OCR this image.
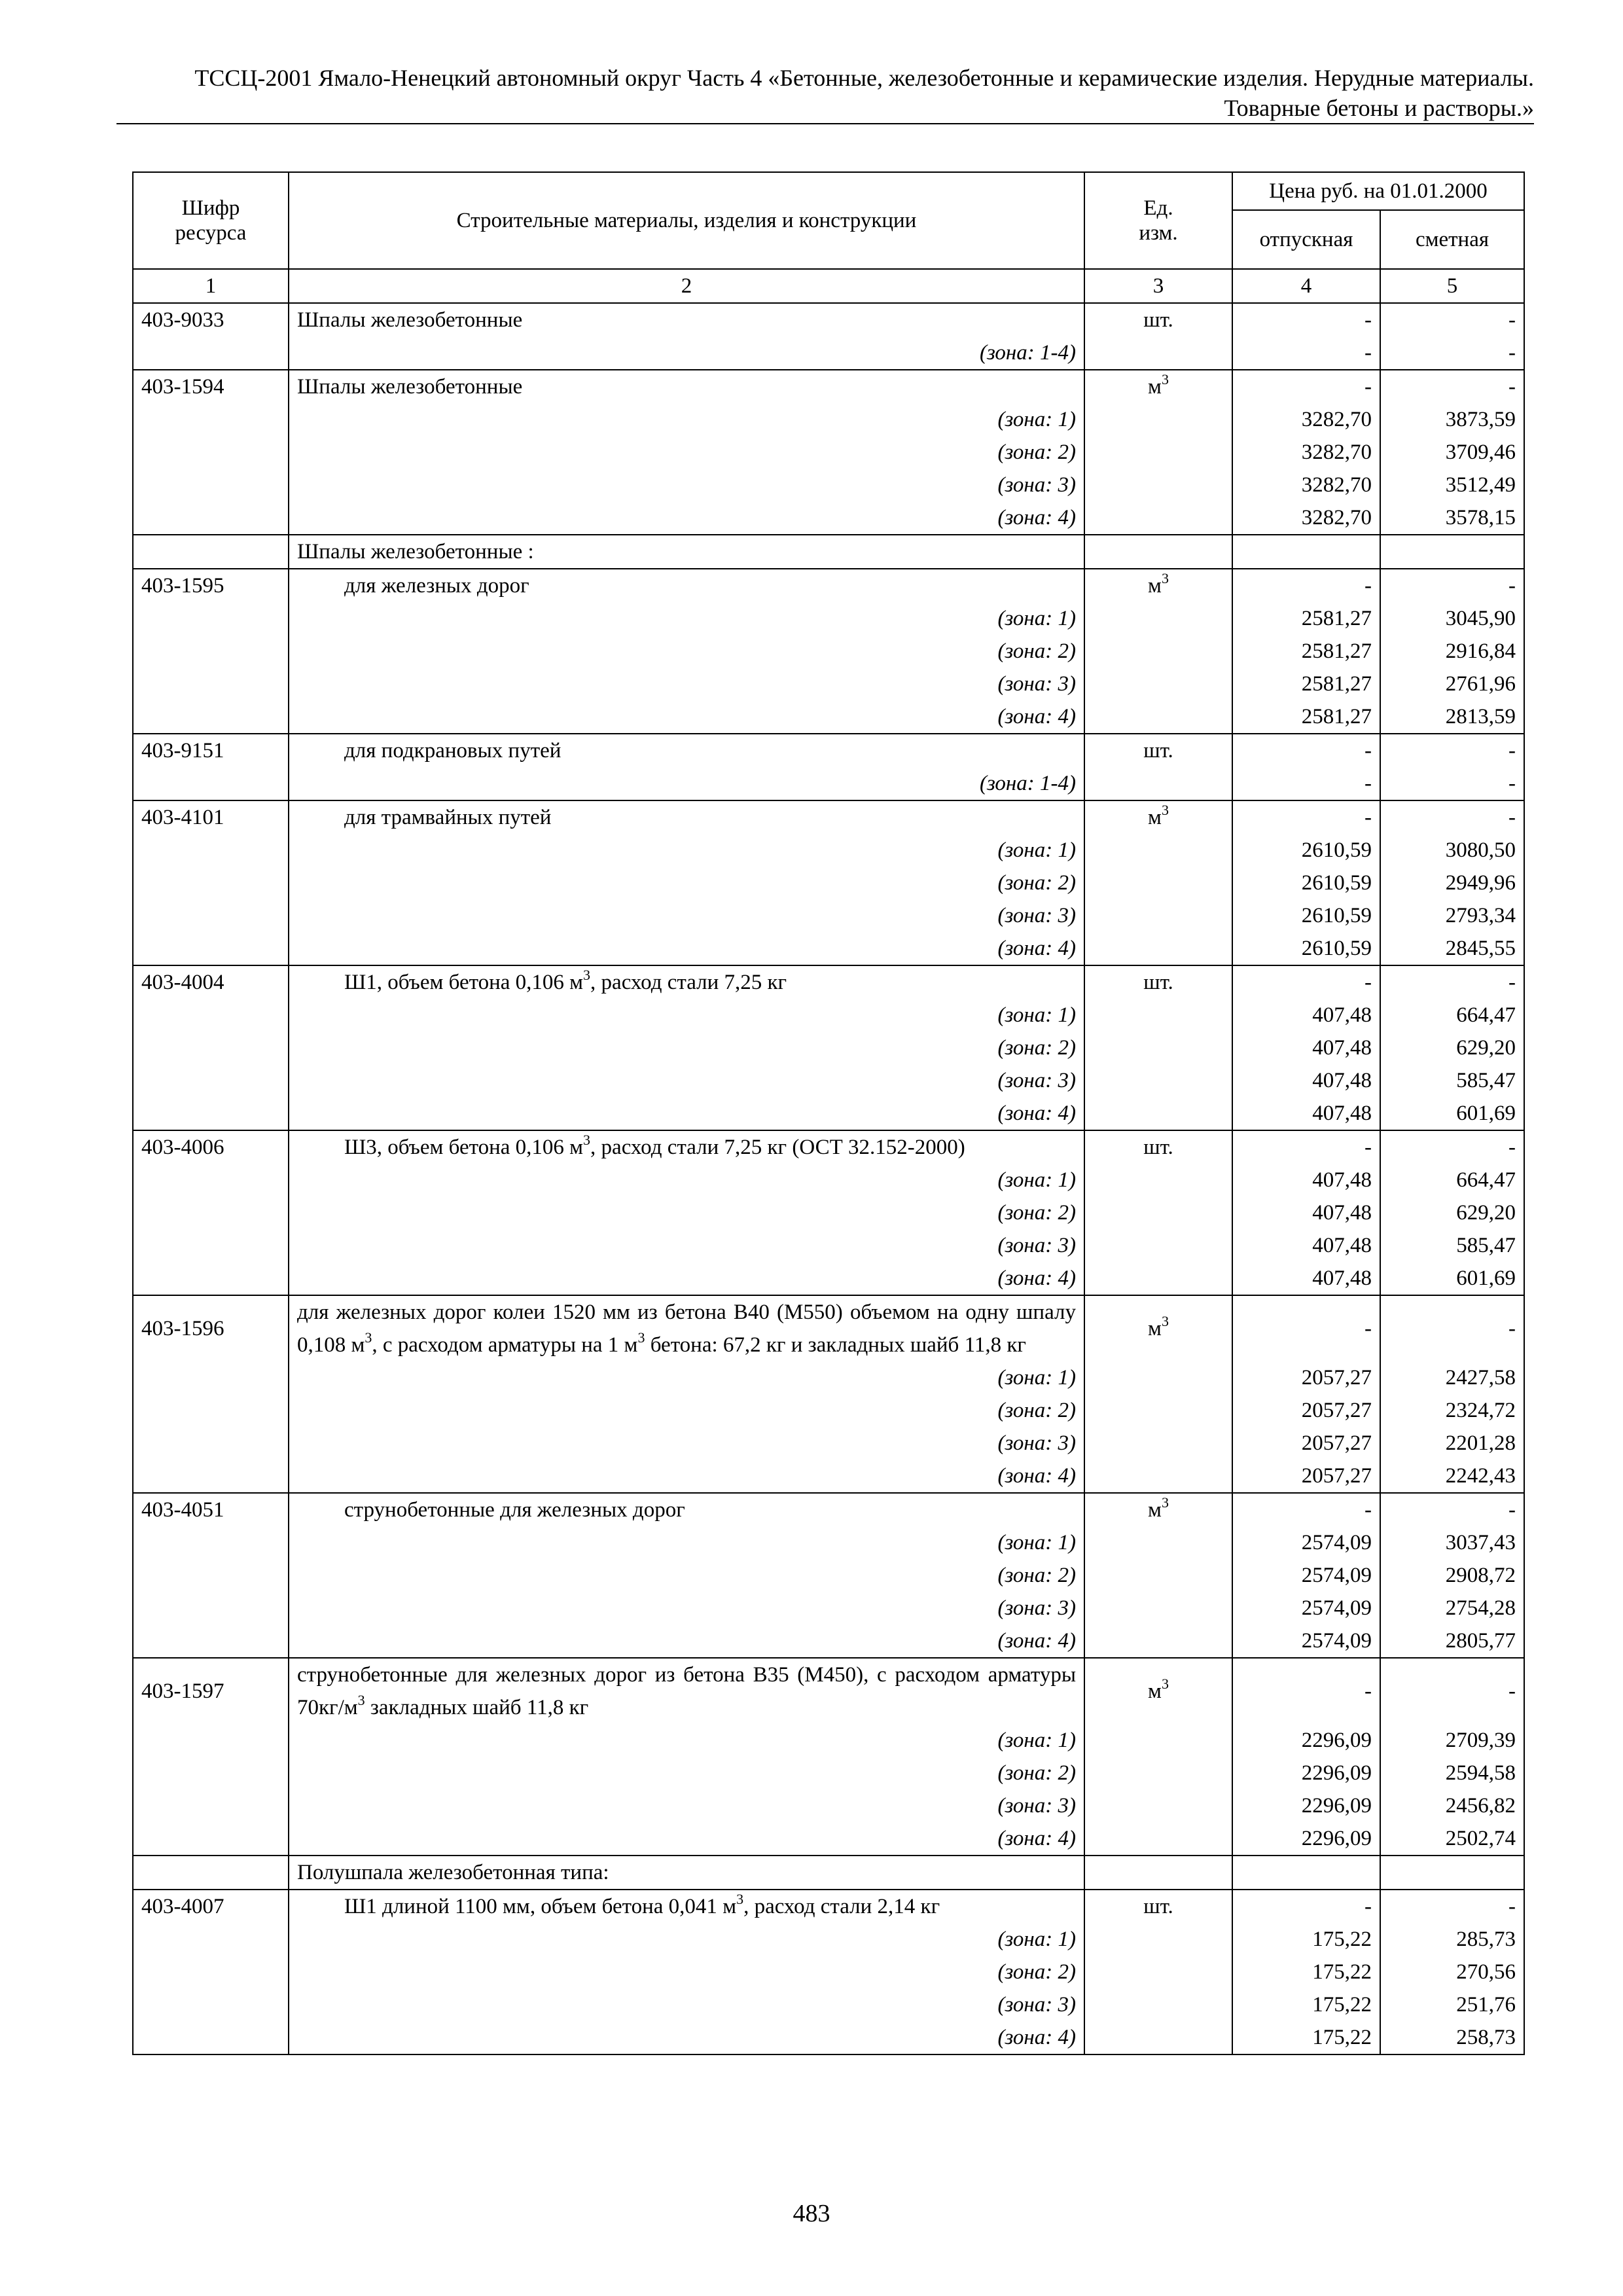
ТССЦ-2001 Ямало-Ненецкий автономный округ Часть 4 «Бетонные, железобетонные и керамические изделия. Нерудные материалы.
Товарные бетоны и растворы.»
Шифр ресурса	Строительные материалы, изделия и конструкции	Ед. изм.	Цена руб. на 01.01.2000	
			отпускная	сметная
1	2	3	4	5
403-9033	Шпалы железобетонные	шт.	-	-
	(зона: 1-4)		-	-
403-1594	Шпалы железобетонные	$м^3$	-	-
	(зона: 1)		3282,70	3873,59
	(зона: 2)		3282,70	3709,46
	(зона: 3)		3282,70	3512,49
	(зона: 4)		3282,70	3578,15
	Шпалы железобетонные :			
403-1595	для железных дорог	$м^3$	-	-
	(зона: 1)		2581,27	3045,90
	(зона: 2)		2581,27	2916,84
	(зона: 3)		2581,27	2761,96
	(зона: 4)		2581,27	2813,59
403-9151	для подкрановых путей	шт.	-	-
	(зона: 1-4)		-	-
403-4101	для трамвайных путей	$м^3$	-	-
	(зона: 1)		2610,59	3080,50
	(зона: 2)		2610,59	2949,96
	(зона: 3)		2610,59	2793,34
	(зона: 4)		2610,59	2845,55
403-4004	Ш1, объем бетона 0,106 $м^3$, расход стали 7,25 кг	шт.	-	-
	(зона: 1)		407,48	664,47
	(зона: 2)		407,48	629,20
	(зона: 3)		407,48	585,47
	(зона: 4)		407,48	601,69
403-4006	Ш3, объем бетона 0,106 $м^3$, расход стали 7,25 кг (ОСТ 32.152-2000)	шт.	-	-
	(зона: 1)		407,48	664,47
	(зона: 2)		407,48	629,20
	(зона: 3)		407,48	585,47
	(зона: 4)		407,48	601,69
403-1596	для железных дорог колеи 1520 мм из бетона В40 (М550) объемом на одну шпалу 0,108 $м^3$, с расходом арматуры на 1 $м^3$ бетона: 67,2 кг и закладных шайб 11,8 кг	$м^3$	-	-
	(зона: 1)		2057,27	2427,58
	(зона: 2)		2057,27	2324,72
	(зона: 3)		2057,27	2201,28
	(зона: 4)		2057,27	2242,43
403-4051	струнобетонные для железных дорог	$м^3$	-	-
	(зона: 1)		2574,09	3037,43
	(зона: 2)		2574,09	2908,72
	(зона: 3)		2574,09	2754,28
	(зона: 4)		2574,09	2805,77
403-1597	струнобетонные для железных дорог из бетона В35 (М450), с расходом арматуры $70кг/м^3$ закладных шайб 11,8 кг	$м^3$	-	-
	(зона: 1)		2296,09	2709,39
	(зона: 2)		2296,09	2594,58
	(зона: 3)		2296,09	2456,82
	(зона: 4)		2296,09	2502,74
	Полушпала железобетонная типа:			
403-4007	Ш1 длиной 1100 мм, объем бетона 0,041 $м^3$, расход стали 2,14 кг	шт.	-	-
	(зона: 1)		175,22	285,73
	(зона: 2)		175,22	270,56
	(зона: 3)		175,22	251,76
	(зона: 4)		175,22	258,73
483
